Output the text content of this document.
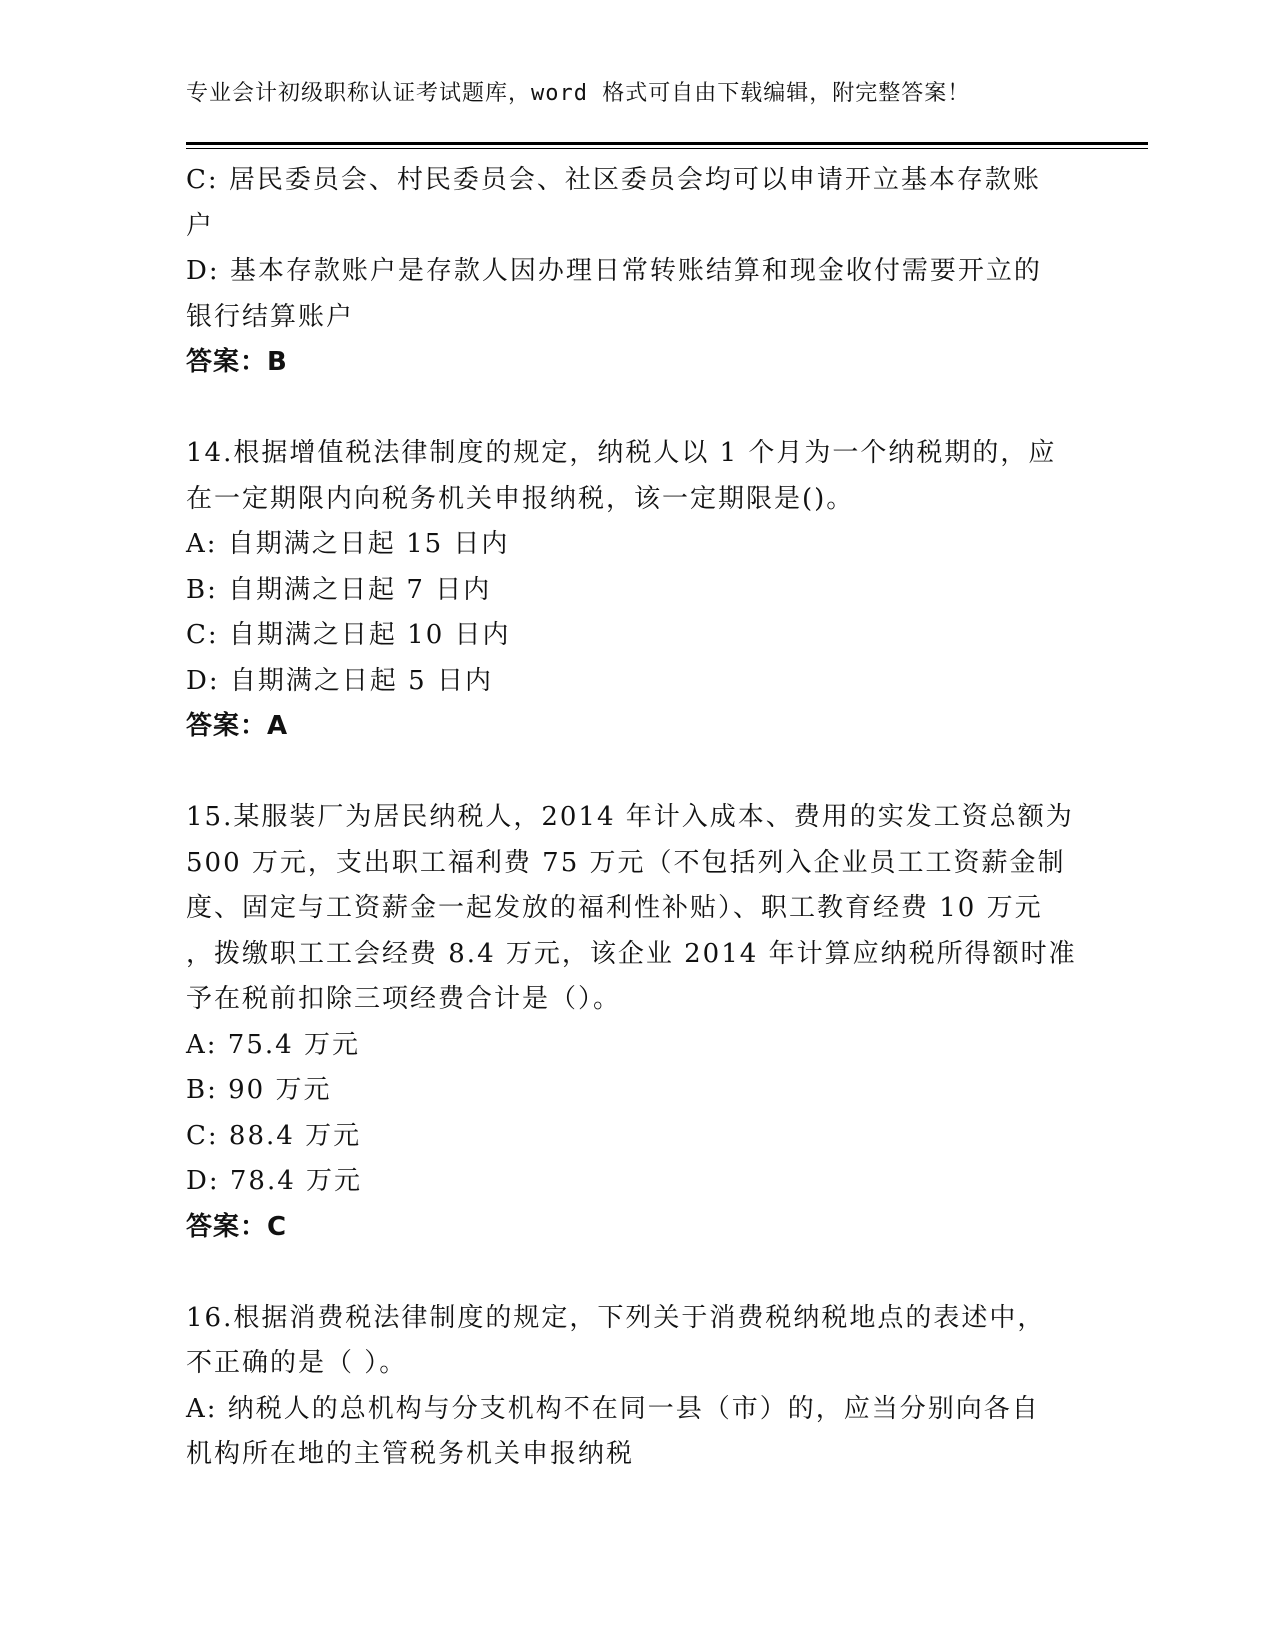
专业会计初级职称认证考试题库，word 格式可自由下载编辑，附完整答案！
C: 居民委员会、村民委员会、社区委员会均可以申请开立基本存款账
户
D: 基本存款账户是存款人因办理日常转账结算和现金收付需要开立的
银行结算账户
答案：B
14.根据增值税法律制度的规定，纳税人以 1 个月为一个纳税期的，应
在一定期限内向税务机关申报纳税，该一定期限是()。
A: 自期满之日起 15 日内
B: 自期满之日起 7 日内
C: 自期满之日起 10 日内
D: 自期满之日起 5 日内
答案：A
15.某服装厂为居民纳税人，2014 年计入成本、费用的实发工资总额为
500 万元，支出职工福利费 75 万元（不包括列入企业员工工资薪金制
度、固定与工资薪金一起发放的福利性补贴）、职工教育经费 10 万元
，拨缴职工工会经费 8.4 万元，该企业 2014 年计算应纳税所得额时准
予在税前扣除三项经费合计是（）。
A: 75.4 万元
B: 90 万元
C: 88.4 万元
D: 78.4 万元
答案：C
16.根据消费税法律制度的规定，下列关于消费税纳税地点的表述中，
不正确的是（ ）。
A: 纳税人的总机构与分支机构不在同一县（市）的，应当分别向各自
机构所在地的主管税务机关申报纳税
